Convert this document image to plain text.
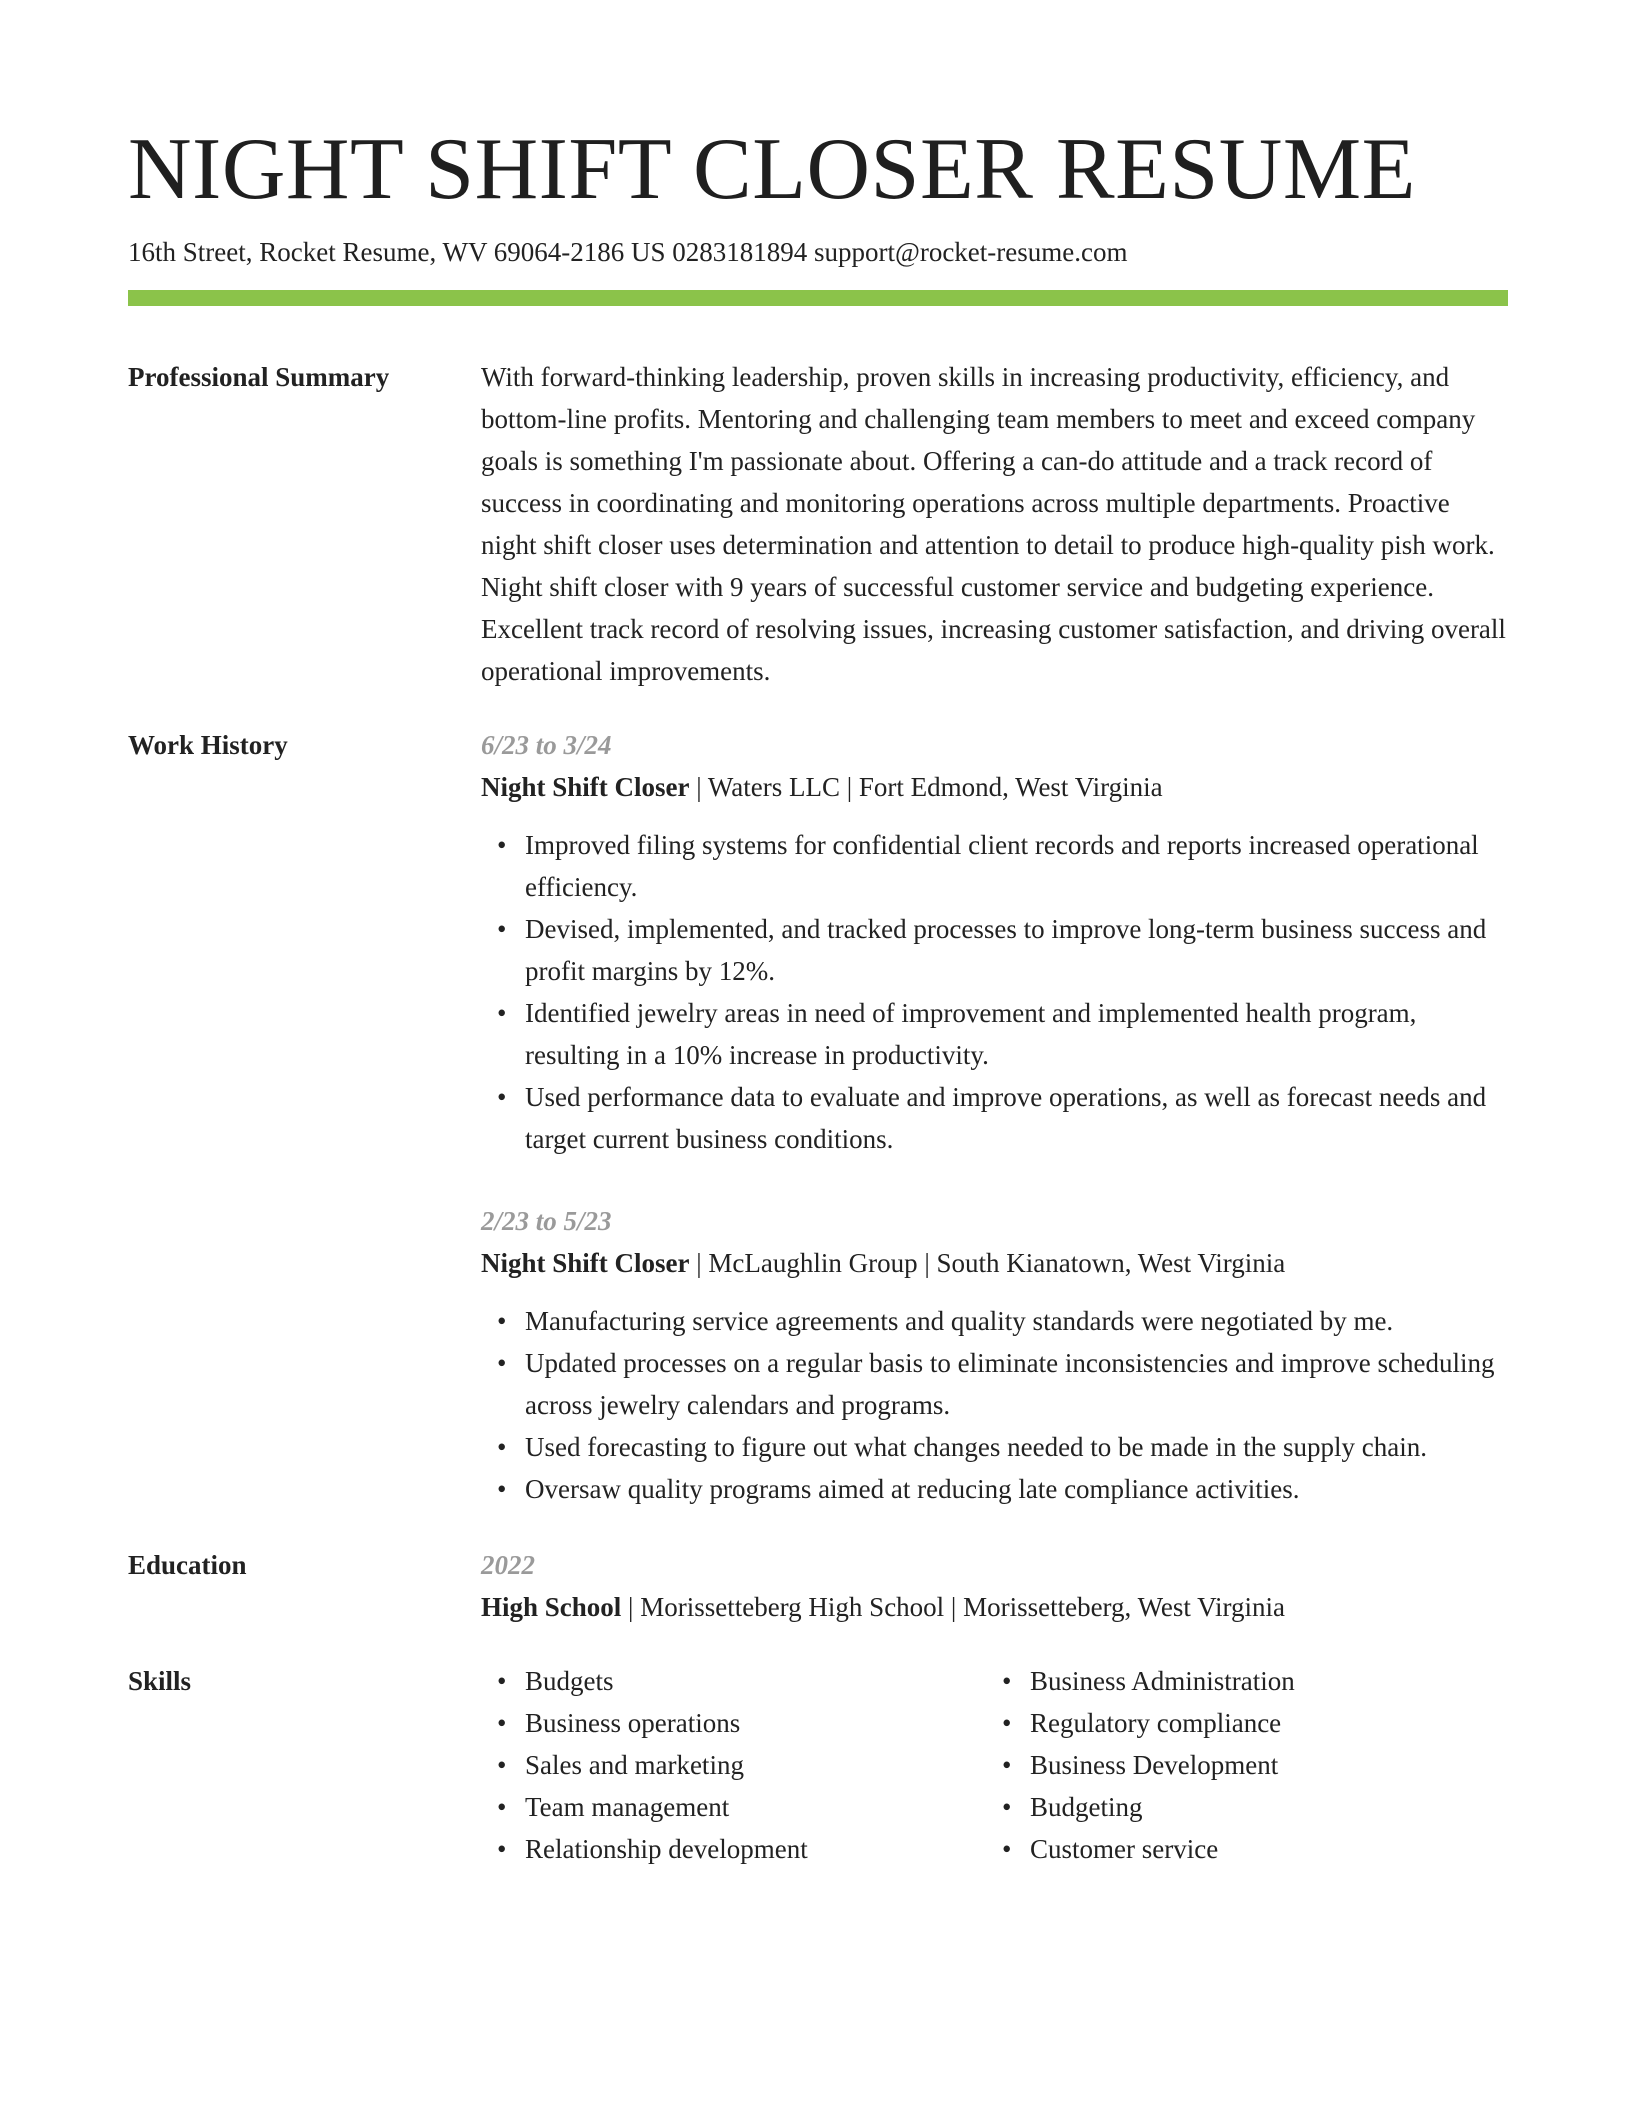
NIGHT SHIFT CLOSER RESUME
16th Street, Rocket Resume, WV 69064-2186 US 0283181894 support@rocket-resume.com
Professional Summary	With forward-thinking leadership, proven skills in increasing productivity, efficiency, and bottom-line profits. Mentoring and challenging team members to meet and exceed company goals is something I'm passionate about. Offering a can-do attitude and a track record of success in coordinating and monitoring operations across multiple departments. Proactive night shift closer uses determination and attention to detail to produce high-quality pish work. Night shift closer with 9 years of successful customer service and budgeting experience. Excellent track record of resolving issues, increasing customer satisfaction, and driving overall operational improvements.
Work History	6/23 to 3/24
Night Shift Closer | Waters LLC | Fort Edmond, West Virginia
• Improved filing systems for confidential client records and reports increased operational efficiency.
• Devised, implemented, and tracked processes to improve long-term business success and profit margins by 12%.
• Identified jewelry areas in need of improvement and implemented health program, resulting in a 10% increase in productivity.
• Used performance data to evaluate and improve operations, as well as forecast needs and target current business conditions.
2/23 to 5/23
Night Shift Closer | McLaughlin Group | South Kianatown, West Virginia
• Manufacturing service agreements and quality standards were negotiated by me.
• Updated processes on a regular basis to eliminate inconsistencies and improve scheduling across jewelry calendars and programs.
• Used forecasting to figure out what changes needed to be made in the supply chain.
• Oversaw quality programs aimed at reducing late compliance activities.
Education	2022
High School | Morissetteberg High School | Morissetteberg, West Virginia
Skills	• Budgets
• Business operations
• Sales and marketing
• Team management
• Relationship development
• Business Administration
• Regulatory compliance
• Business Development
• Budgeting
• Customer service
